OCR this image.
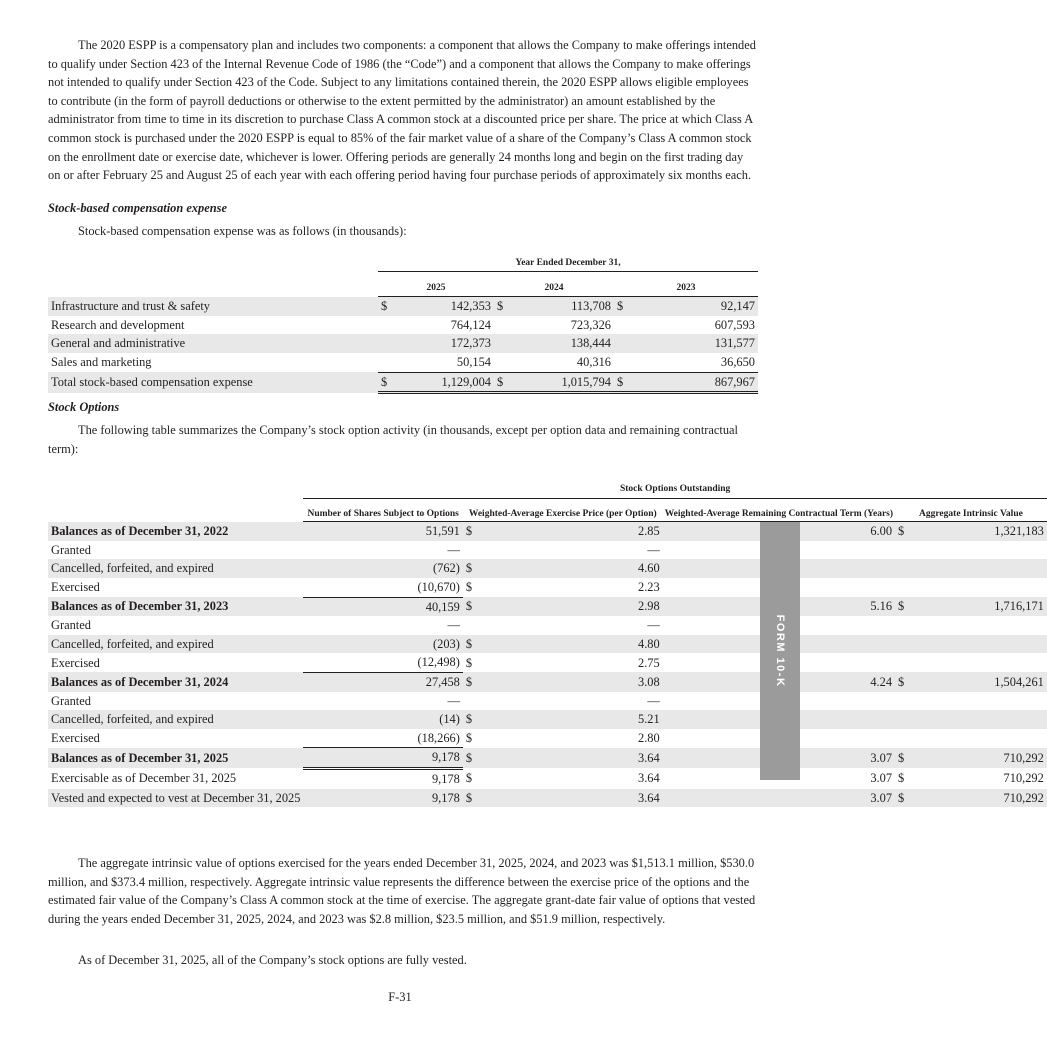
The 2020 ESPP is a compensatory plan and includes two components: a component that allows the Company to make offerings intended to qualify under Section 423 of the Internal Revenue Code of 1986 (the “Code”) and a component that allows the Company to make offerings not intended to qualify under Section 423 of the Code. Subject to any limitations contained therein, the 2020 ESPP allows eligible employees to contribute (in the form of payroll deductions or otherwise to the extent permitted by the administrator) an amount established by the administrator from time to time in its discretion to purchase Class A common stock at a discounted price per share. The price at which Class A common stock is purchased under the 2020 ESPP is equal to 85% of the fair market value of a share of the Company’s Class A common stock on the enrollment date or exercise date, whichever is lower. Offering periods are generally 24 months long and begin on the first trading day on or after February 25 and August 25 of each year with each offering period having four purchase periods of approximately six months each.

Stock-based compensation expense

Stock-based compensation expense was as follows (in thousands):

	Year Ended December 31,					
	2025		2024		2023	
Infrastructure and trust & safety	$	142,353	$	113,708	$	92,147
Research and development		764,124		723,326		607,593
General and administrative		172,373		138,444		131,577
Sales and marketing		50,154		40,316		36,650
Total stock-based compensation expense	$	1,129,004	$	1,015,794	$	867,967

Stock Options

The following table summarizes the Company’s stock option activity (in thousands, except per option data and remaining contractual term):

	Stock Options Outstanding					
	Number of Shares Subject to Options	Weighted-Average Exercise Price (per Option)		Weighted-Average Remaining Contractual Term (Years)	Aggregate Intrinsic Value	
Balances as of December 31, 2022	51,591	$	2.85	6.00	$	1,321,183
Granted	—		—			
Cancelled, forfeited, and expired	(762)	$	4.60			
Exercised	(10,670)	$	2.23			
Balances as of December 31, 2023	40,159	$	2.98	5.16	$	1,716,171
Granted	—		—			
Cancelled, forfeited, and expired	(203)	$	4.80			
Exercised	(12,498)	$	2.75			
Balances as of December 31, 2024	27,458	$	3.08	4.24	$	1,504,261
Granted	—		—			
Cancelled, forfeited, and expired	(14)	$	5.21			
Exercised	(18,266)	$	2.80			
Balances as of December 31, 2025	9,178	$	3.64	3.07	$	710,292
Exercisable as of December 31, 2025	9,178	$	3.64	3.07	$	710,292
Vested and expected to vest at December 31, 2025	9,178	$	3.64	3.07	$	710,292

The aggregate intrinsic value of options exercised for the years ended December 31, 2025, 2024, and 2023 was $1,513.1 million, $530.0 million, and $373.4 million, respectively. Aggregate intrinsic value represents the difference between the exercise price of the options and the estimated fair value of the Company’s Class A common stock at the time of exercise. The aggregate grant-date fair value of options that vested during the years ended December 31, 2025, 2024, and 2023 was $2.8 million, $23.5 million, and $51.9 million, respectively.

As of December 31, 2025, all of the Company’s stock options are fully vested.

F-31
FORM 10-K
